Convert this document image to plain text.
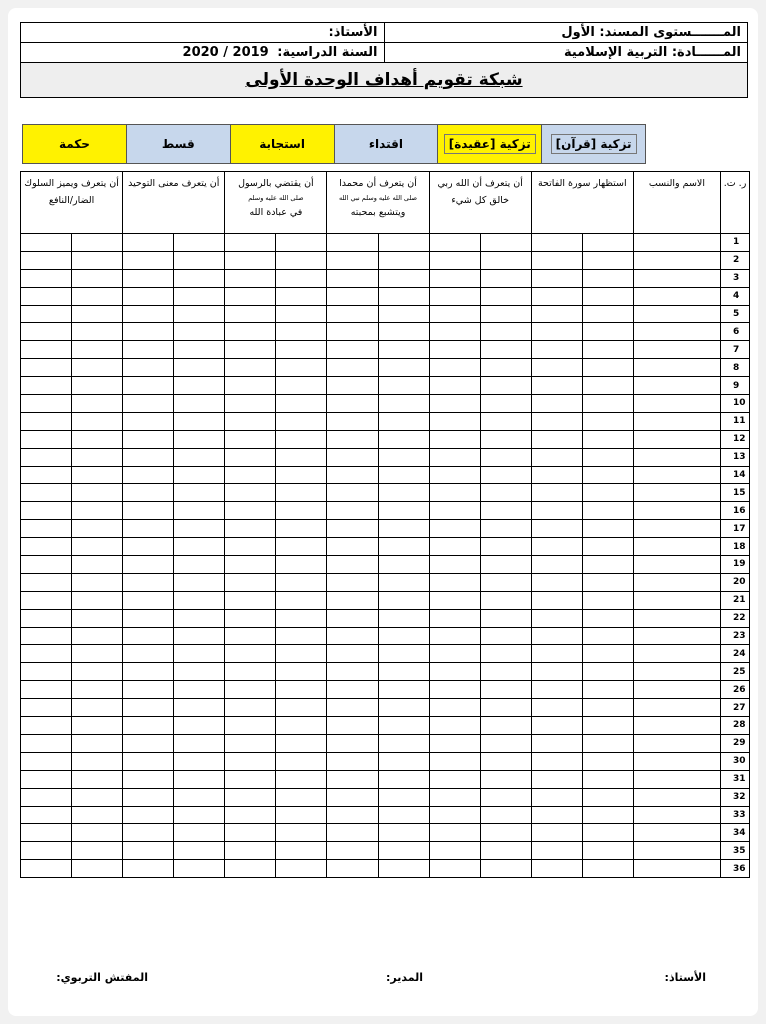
المـــــــستوى المسند: الأول	الأستاذ:
المــــــادة: التربية الإسلامية	السنة الدراسية: 2020 / 2019
شبكة تقويم أهداف الوحدة الأولى	
تزكية [قرآن]
تزكية [عقيدة]
اقتداء
استجابة
قسط
حكمة
ر. ت.	الاسم والنسب	استظهار سورة الفاتحة		أن يتعرف أن الله ربي خالق كل شيء		أن يتعرف أن محمدا
صلى الله عليه وسلم نبي الله
ويتشبع بمحبته		أن يقتضي بالرسول
صلى الله عليه وسلم
في عبادة الله		أن يتعرف معنى التوحيد		أن يتعرف ويميز السلوك الضار/النافع	
1													
2													
3													
4													
5													
6													
7													
8													
9													
10													
11													
12													
13													
14													
15													
16													
17													
18													
19													
20													
21													
22													
23													
24													
25													
26													
27													
28													
29													
30													
31													
32													
33													
34													
35													
36													
الأستاذ:
المدير:
المفتش التربوي:
